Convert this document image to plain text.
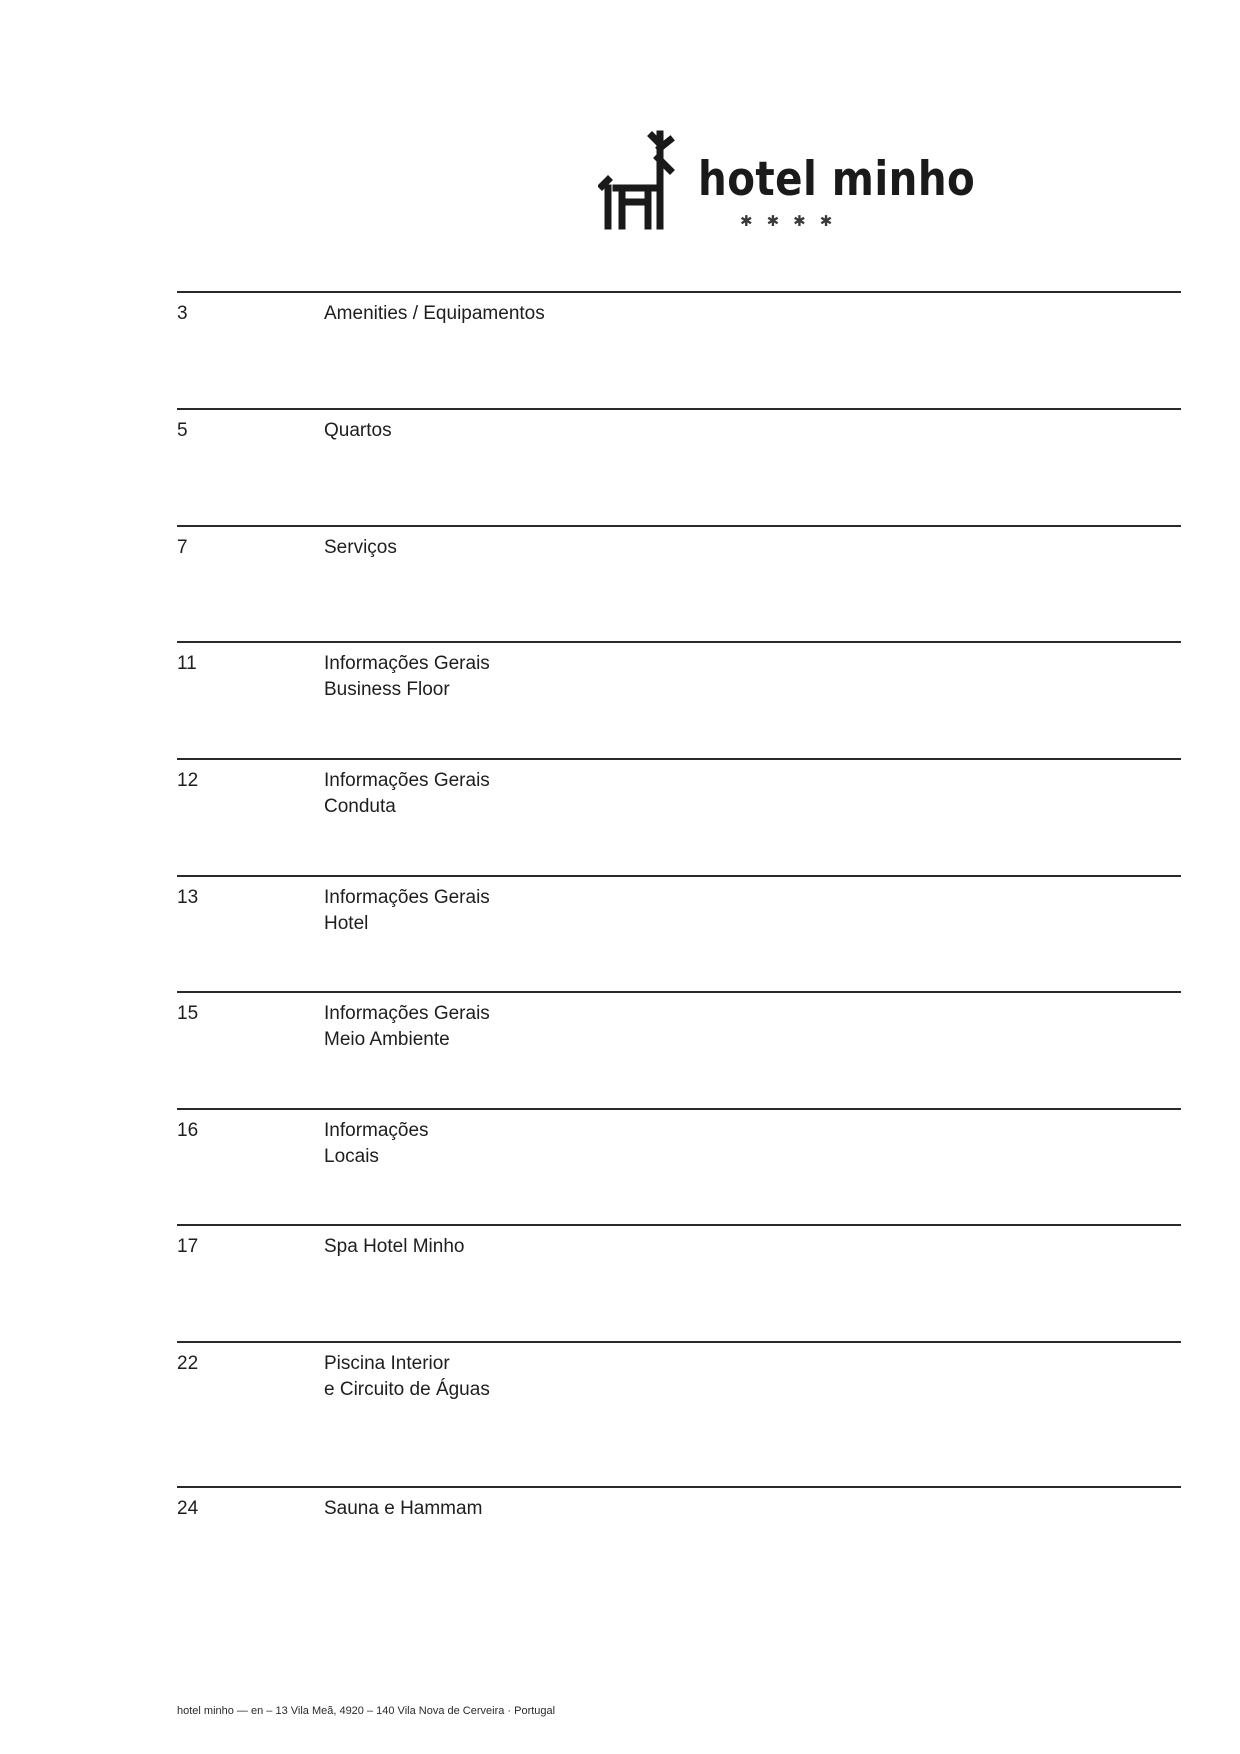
hotel minho
✱✱✱✱
3	Amenities / Equipamentos
5	Quartos
7	Serviços
11	Informações Gerais
Business Floor
12	Informações Gerais
Conduta
13	Informações Gerais
Hotel
15	Informações Gerais
Meio Ambiente
16	Informações
Locais
17	Spa Hotel Minho
22	Piscina Interior
e Circuito de Águas
24	Sauna e Hammam
hotel minho — en – 13 Vila Meã, 4920 – 140 Vila Nova de Cerveira · Portugal
